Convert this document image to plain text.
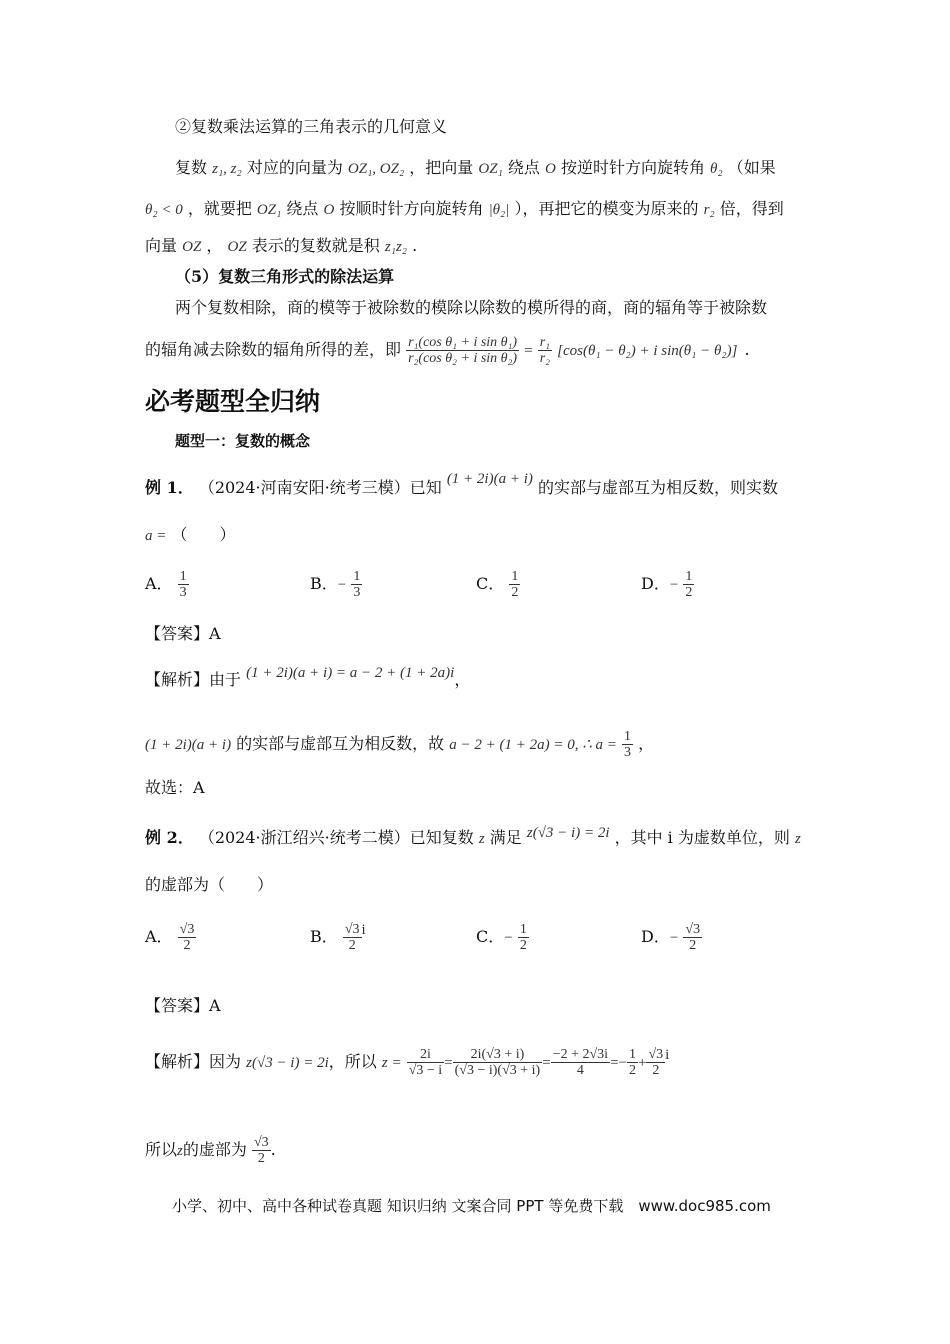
②复数乘法运算的三角表示的几何意义
复数 z₁, z₂ 对应的向量为 OZ₁, OZ₂ ，把向量 OZ₁ 绕点 O 按逆时针方向旋转角 θ₂ （如果
θ₂ < 0 ，就要把 OZ₁ 绕点 O 按顺时针方向旋转角 |θ₂| ），再把它的模变为原来的 r₂ 倍，得到
向量 OZ ， OZ 表示的复数就是积 z₁z₂ .
（5）复数三角形式的除法运算
两个复数相除，商的模等于被除数的模除以除数的模所得的商，商的辐角等于被除数
的辐角减去除数的辐角所得的差，即 $\frac{\text{r₁(cos θ₁ + i sin θ₁)}}{\text{r₂(cos θ₂ + i sin θ₂)}} = \frac{\text{r₁}}{\text{r₂}} [\cos(\theta_1 - \theta_2) + i$ sin(θ₁ − θ₂)] .
必考题型全归纳
题型一：复数的概念
例 1． （2024·河南安阳·统考三模）已知 (1 + 2i)(a + i) 的实部与虚部互为相反数，则实数
a = （　　）
A． $\frac{1}{3}$	B．− $\frac{1}{3}$	C． $\frac{1}{2}$	D．− $\frac{1}{2}$
【答案】A
【解析】由于 (1 + 2i)(a + i) = a − 2 + (1 + 2a)i，
(1 + 2i)(a + i) 的实部与虚部互为相反数，故 a − 2 + (1 + 2a) = 0, ∴ $a = \frac{1}{3}$ ，
故选：A
例 2． （2024·浙江绍兴·统考二模）已知复数 z 满足 z(√3 − i) = 2i ，其中 i 为虚数单位，则 z
的虚部为（　　）
A． $\frac{√3}{2}$	B． $\frac{√3}{2}$ i	C．− $\frac{1}{2}$	D．− $\frac{√3}{2}$
【答案】A
【解析】因为 z(√3 − i) = 2i，所以 $z = \frac{2i}{√3 - i} = \frac{2i(√3 + i)}{(√3 - i)(√3 + i)} = \frac{-2 + 2√3i}{4} =- \frac{1}{2} + \frac{√3}{2}$ i
所以z的虚部为 $\frac{√3}{2}$ .
小学、初中、高中各种试卷真题 知识归纳 文案合同 PPT 等免费下载　www.doc985.com
